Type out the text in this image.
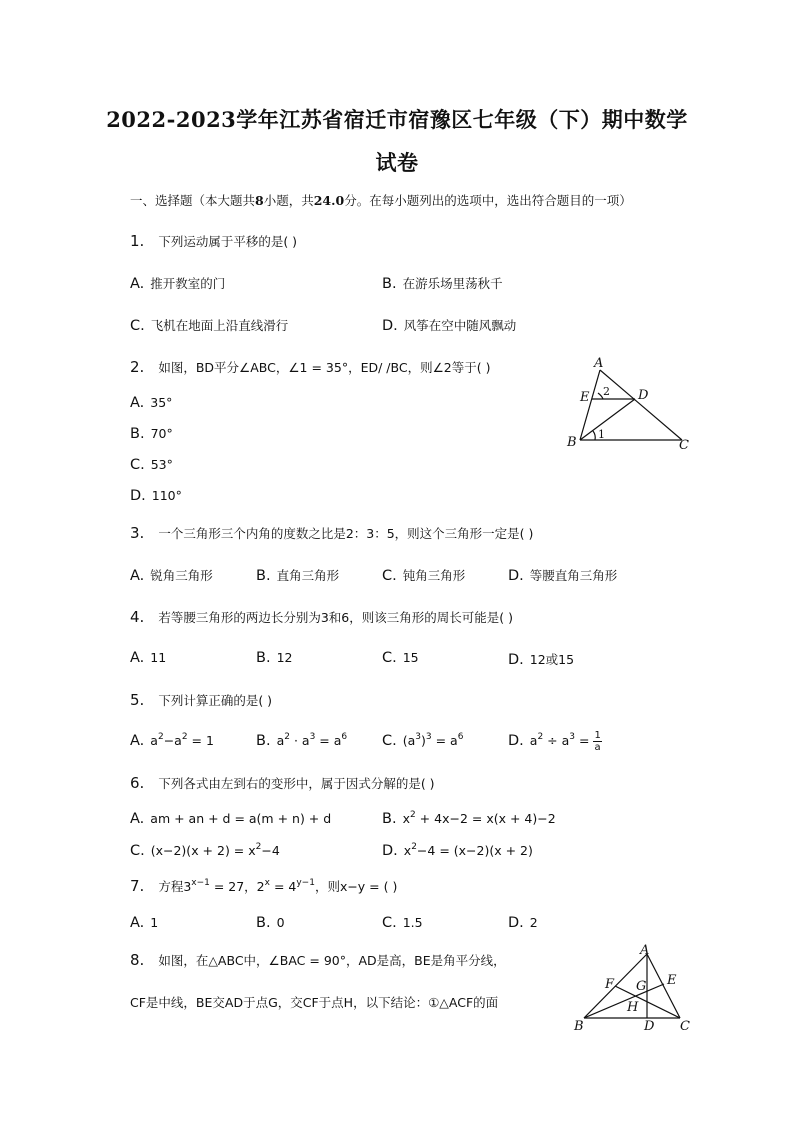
2022-2023学年江苏省宿迁市宿豫区七年级（下）期中数学
试卷
一、选择题（本大题共8小题，共24.0分。在每小题列出的选项中，选出符合题目的一项）
1. 下列运动属于平移的是( )
A. 推开教室的门	B. 在游乐场里荡秋千
C. 飞机在地面上沿直线滑行	D. 风筝在空中随风飘动
2. 如图，BD平分∠ABC，∠1 = 35°，ED/ /BC，则∠2等于( )
A. 35°
B. 70°
C. 53°
D. 110°
A
E	D
B	C
1
2
3. 一个三角形三个内角的度数之比是2：3：5，则这个三角形一定是( )
A. 锐角三角形	B. 直角三角形	C. 钝角三角形	D. 等腰直角三角形
4. 若等腰三角形的两边长分别为3和6，则该三角形的周长可能是( )
A. 11	B. 12	C. 15	D. 12或15
5. 下列计算正确的是( )
A. $a^2-a^2 = 1$	B. $a^2 \cdot a^3 = a^6$ C. $(a^3)^3 = a^6$	D. $a^2 \div a^3 = \frac{1}{a}$
6. 下列各式由左到右的变形中，属于因式分解的是( )
A. am + an + d = a(m + n) + d	B. $x^2 + 4x-2 = x(x + 4)-2$
C. $(x-2)(x + 2) = x^2-4$	D. $x^2-4 = (x-2)(x + 2)$
7. 方程$3^{x-1} = 27$，$2^x = 4^{y-1}$，则x−y = ( )
A. 1	B. 0	C. 1.5	D. 2
8. 如图，在△ABC中，∠BAC = 90°，AD是高，BE是角平分线，
CF是中线，BE交AD于点G，交CF于点H，以下结论：①△ACF的面
A
F G E
H
B	D C
